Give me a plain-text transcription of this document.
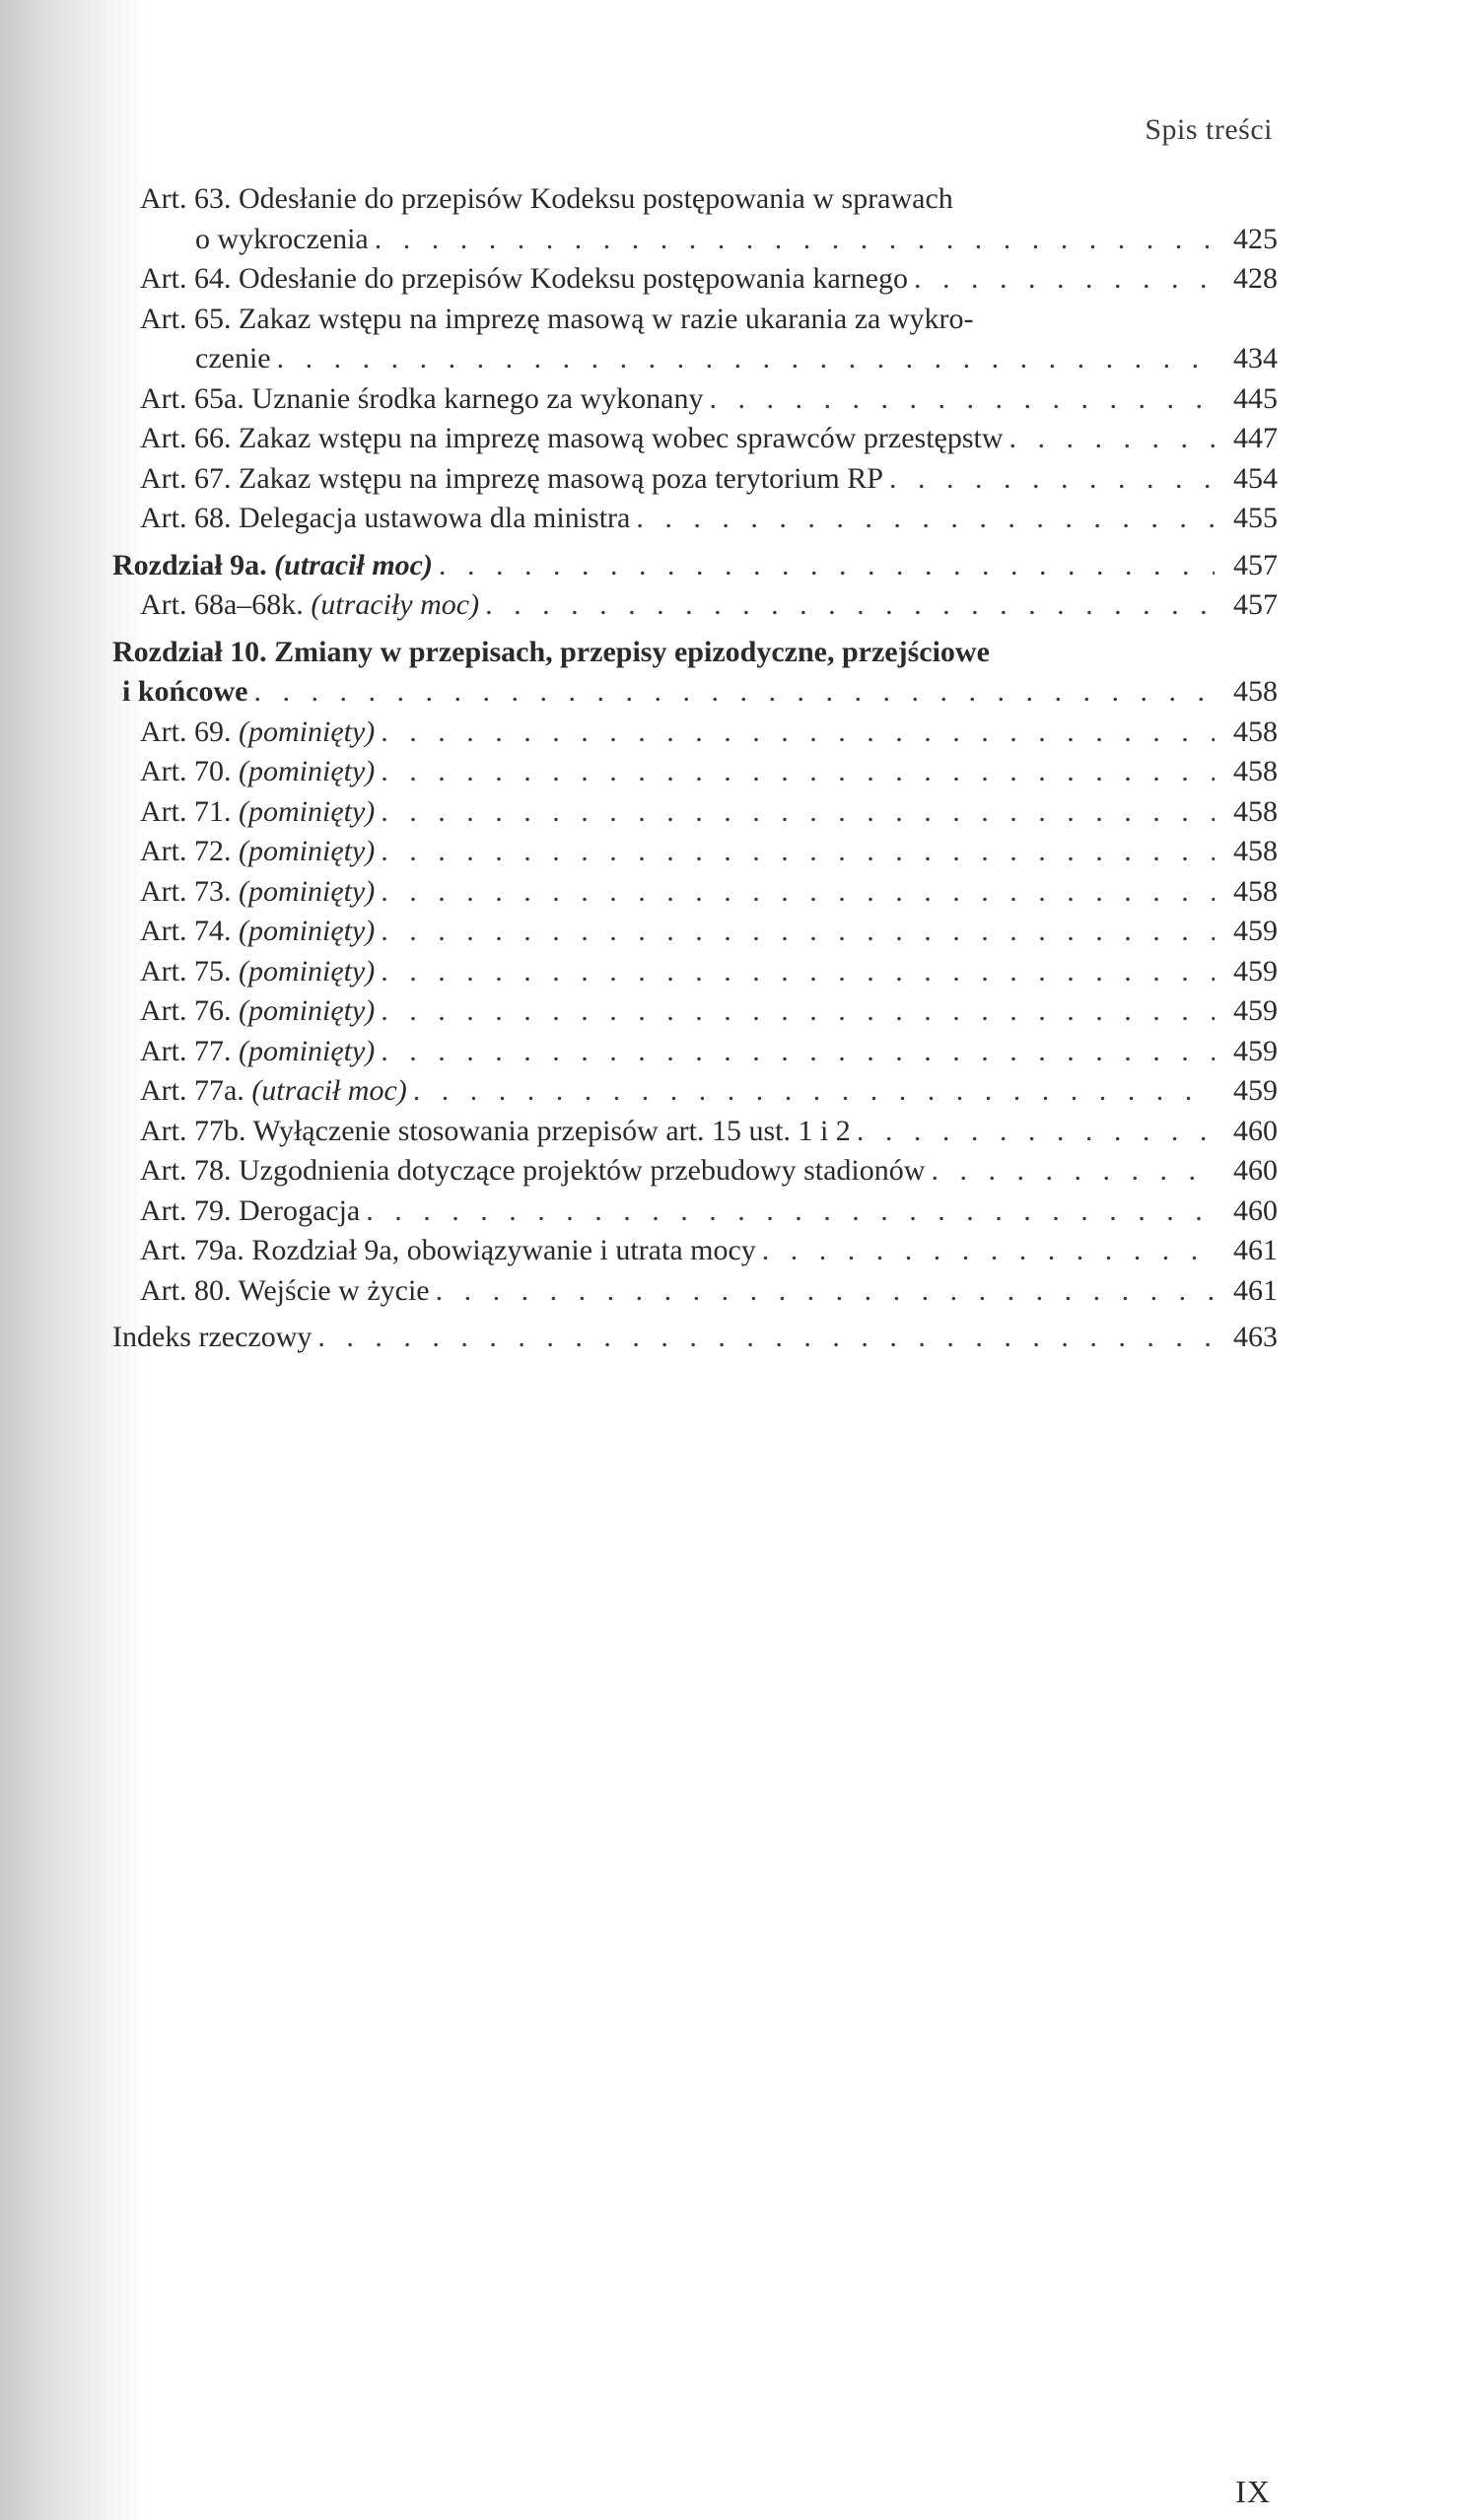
Spis treści
Art. 63. Odesłanie do przepisów Kodeksu postępowania w sprawach
o wykroczenia . . .	425
Art. 64. Odesłanie do przepisów Kodeksu postępowania karnego . . .	428
Art. 65. Zakaz wstępu na imprezę masową w razie ukarania za wykro-
czenie . . .	434
Art. 65a. Uznanie środka karnego za wykonany . . .	445
Art. 66. Zakaz wstępu na imprezę masową wobec sprawców przestępstw . . .	447
Art. 67. Zakaz wstępu na imprezę masową poza terytorium RP . . .	454
Art. 68. Delegacja ustawowa dla ministra . . .	455
Rozdział 9a. (utracił moc) . . .	457
Art. 68a–68k. (utraciły moc) . . .	457
Rozdział 10. Zmiany w przepisach, przepisy epizodyczne, przejściowe
i końcowe . . .	458
Art. 69. (pominięty) . . .	458
Art. 70. (pominięty) . . .	458
Art. 71. (pominięty) . . .	458
Art. 72. (pominięty) . . .	458
Art. 73. (pominięty) . . .	458
Art. 74. (pominięty) . . .	459
Art. 75. (pominięty) . . .	459
Art. 76. (pominięty) . . .	459
Art. 77. (pominięty) . . .	459
Art. 77a. (utracił moc) . . .	459
Art. 77b. Wyłączenie stosowania przepisów art. 15 ust. 1 i 2 . . .	460
Art. 78. Uzgodnienia dotyczące projektów przebudowy stadionów . . .	460
Art. 79. Derogacja . . .	460
Art. 79a. Rozdział 9a, obowiązywanie i utrata mocy . . .	461
Art. 80. Wejście w życie . . .	461
Indeks rzeczowy . . .	463
IX
